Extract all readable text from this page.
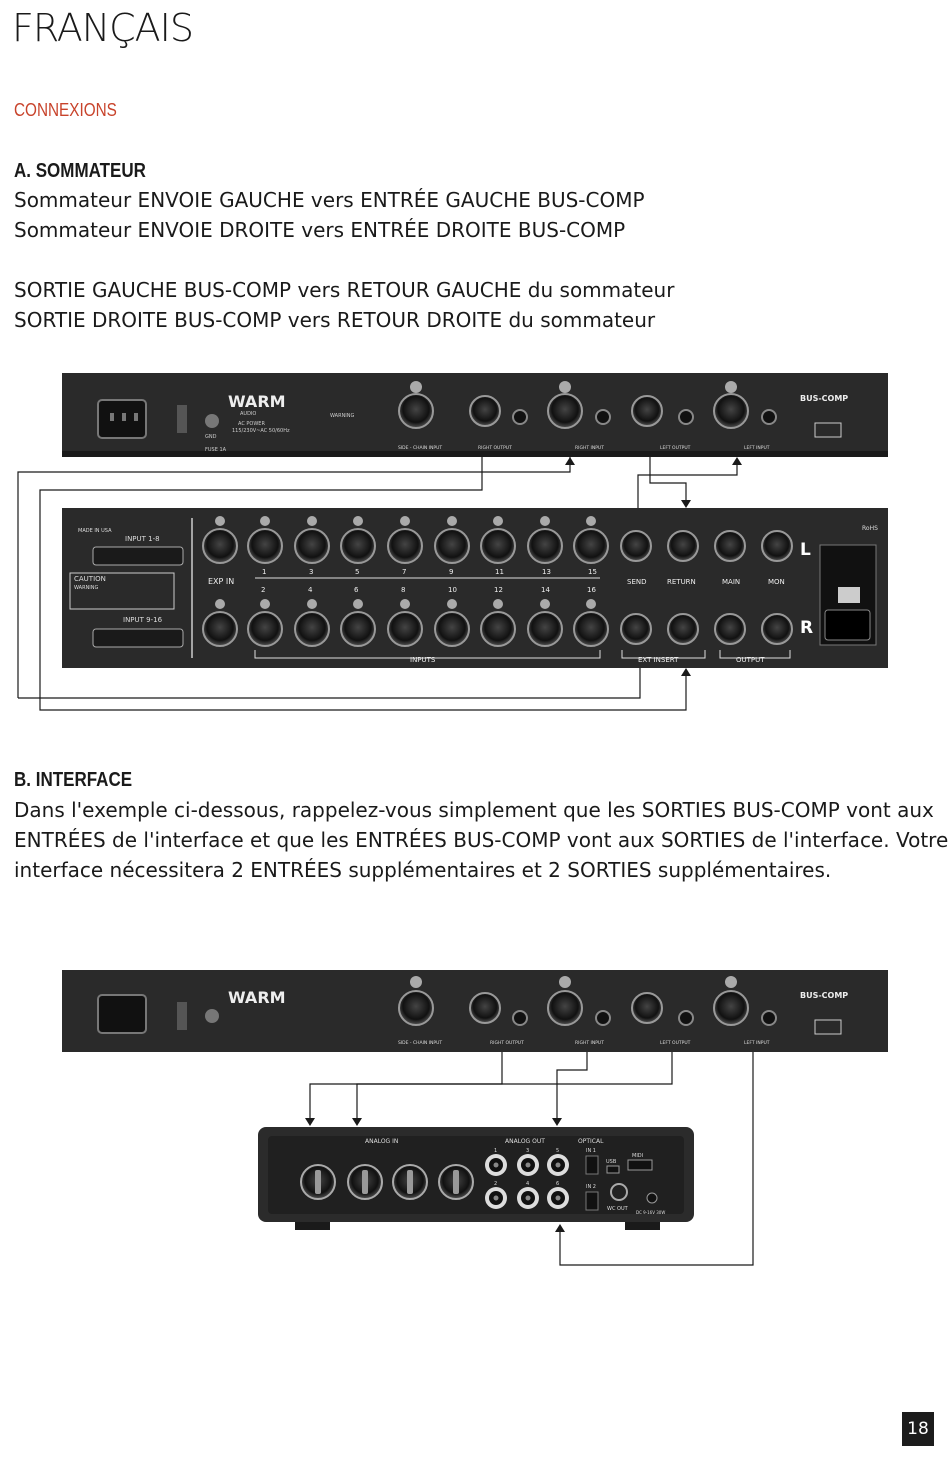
FRANÇAIS
CONNEXIONS
A. SOMMATEUR
Sommateur ENVOIE GAUCHE vers ENTRÉE GAUCHE BUS-COMP
Sommateur ENVOIE DROITE vers ENTRÉE DROITE BUS-COMP
SORTIE GAUCHE BUS-COMP vers RETOUR GAUCHE du sommateur
SORTIE DROITE BUS-COMP vers RETOUR DROITE du sommateur
GND
FUSE 1A
WARM
AUDIO
AC POWER
115/230V~AC 50/60Hz
WARNING
BUS-COMP
SIDE - CHAIN INPUT	RIGHT OUTPUT	RIGHT INPUT	LEFT OUTPUT	LEFT INPUT
MADE IN USA
INPUT 1-8
CAUTION
WARNING
INPUT 9-16
EXP IN
1	3	5	7	9	11	13	15
2	4	6	8	10	12	14	16
INPUTS
SEND	RETURN	MAIN	MON
EXT INSERT	OUTPUT
L
R
RoHS
B. INTERFACE
Dans l'exemple ci-dessous, rappelez-vous simplement que les SORTIES BUS-COMP vont aux
ENTRÉES de l'interface et que les ENTRÉES BUS-COMP vont aux SORTIES de l'interface. Votre
interface nécessitera 2 ENTRÉES supplémentaires et 2 SORTIES supplémentaires.
WARM	BUS-COMP
SIDE - CHAIN INPUT	RIGHT OUTPUT	RIGHT INPUT	LEFT OUTPUT	LEFT INPUT
ANALOG IN	ANALOG OUT	OPTICAL
1	3	5
2	4	6
IN 1
IN 2
USB
MIDI
WC OUT
DC 9-16V 30W
18
